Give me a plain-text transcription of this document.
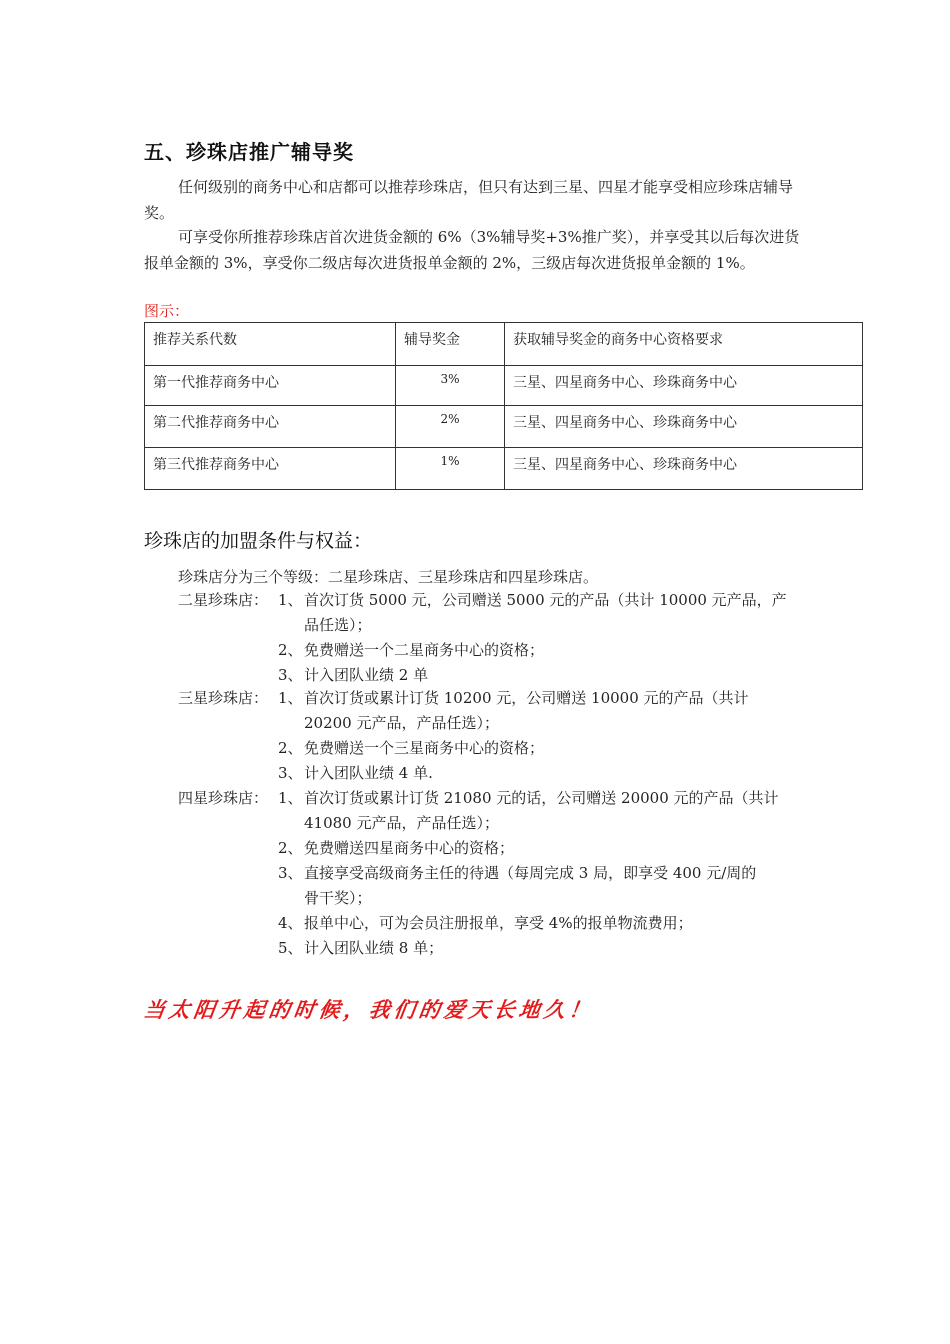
五、珍珠店推广辅导奖
任何级别的商务中心和店都可以推荐珍珠店，但只有达到三星、四星才能享受相应珍珠店辅导奖。
可享受你所推荐珍珠店首次进货金额的 6%（3%辅导奖+3%推广奖），并享受其以后每次进货报单金额的 3%，享受你二级店每次进货报单金额的 2%，三级店每次进货报单金额的 1%。
图示：
推荐关系代数	辅导奖金	获取辅导奖金的商务中心资格要求
第一代推荐商务中心	3%	三星、四星商务中心、珍珠商务中心
第二代推荐商务中心	2%	三星、四星商务中心、珍珠商务中心
第三代推荐商务中心	1%	三星、四星商务中心、珍珠商务中心
珍珠店的加盟条件与权益：
珍珠店分为三个等级：二星珍珠店、三星珍珠店和四星珍珠店。
二星珍珠店： 1、 首次订货 5000 元，公司赠送 5000 元的产品（共计 10000 元产品，产
品任选）；
2、 免费赠送一个二星商务中心的资格；
3、 计入团队业绩 2 单
三星珍珠店： 1、 首次订货或累计订货 10200 元，公司赠送 10000 元的产品（共计
20200 元产品，产品任选）；
2、 免费赠送一个三星商务中心的资格；
3、 计入团队业绩 4 单.
四星珍珠店： 1、 首次订货或累计订货 21080 元的话，公司赠送 20000 元的产品（共计
41080 元产品，产品任选）；
2、 免费赠送四星商务中心的资格；
3、 直接享受高级商务主任的待遇（每周完成 3 局，即享受 400 元/周的
骨干奖）；
4、 报单中心，可为会员注册报单，享受 4%的报单物流费用；
5、 计入团队业绩 8 单；
当太阳升起的时候，我们的爱天长地久！
